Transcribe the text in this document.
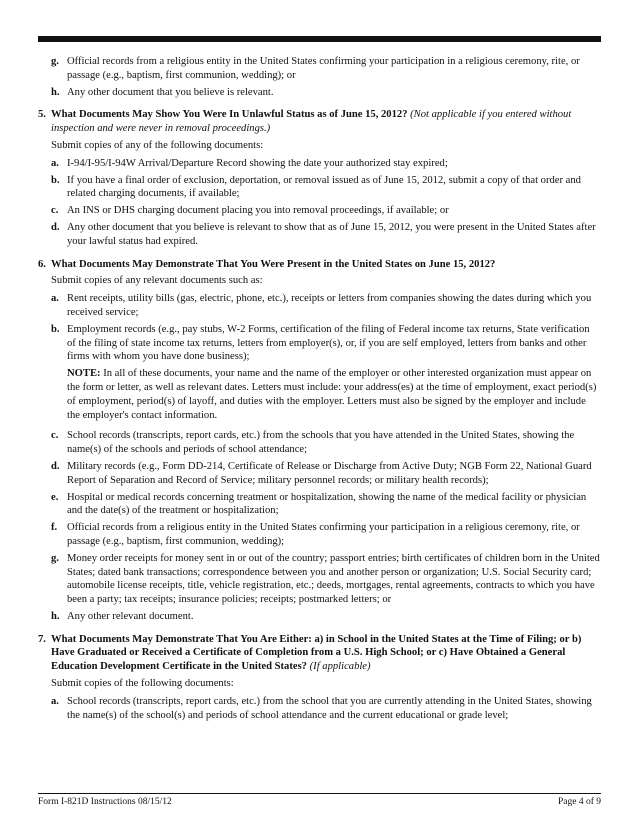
g. Official records from a religious entity in the United States confirming your participation in a religious ceremony, rite, or passage (e.g., baptism, first communion, wedding); or
h. Any other document that you believe is relevant.
5. What Documents May Show You Were In Unlawful Status as of June 15, 2012? (Not applicable if you entered without inspection and were never in removal proceedings.)
Submit copies of any of the following documents:
a. I-94/I-95/I-94W Arrival/Departure Record showing the date your authorized stay expired;
b. If you have a final order of exclusion, deportation, or removal issued as of June 15, 2012, submit a copy of that order and related charging documents, if available;
c. An INS or DHS charging document placing you into removal proceedings, if available; or
d. Any other document that you believe is relevant to show that as of June 15, 2012, you were present in the United States after your lawful status had expired.
6. What Documents May Demonstrate That You Were Present in the United States on June 15, 2012?
Submit copies of any relevant documents such as:
a. Rent receipts, utility bills (gas, electric, phone, etc.), receipts or letters from companies showing the dates during which you received service;
b. Employment records (e.g., pay stubs, W-2 Forms, certification of the filing of Federal income tax returns, State verification of the filing of state income tax returns, letters from employer(s), or, if you are self employed, letters from banks and other firms with whom you have done business);
NOTE: In all of these documents, your name and the name of the employer or other interested organization must appear on the form or letter, as well as relevant dates. Letters must include: your address(es) at the time of employment, exact period(s) of employment, period(s) of layoff, and duties with the employer. Letters must also be signed by the employer and include the employer's contact information.
c. School records (transcripts, report cards, etc.) from the schools that you have attended in the United States, showing the name(s) of the schools and periods of school attendance;
d. Military records (e.g., Form DD-214, Certificate of Release or Discharge from Active Duty; NGB Form 22, National Guard Report of Separation and Record of Service; military personnel records; or military health records);
e. Hospital or medical records concerning treatment or hospitalization, showing the name of the medical facility or physician and the date(s) of the treatment or hospitalization;
f. Official records from a religious entity in the United States confirming your participation in a religious ceremony, rite, or passage (e.g., baptism, first communion, wedding);
g. Money order receipts for money sent in or out of the country; passport entries; birth certificates of children born in the United States; dated bank transactions; correspondence between you and another person or organization; U.S. Social Security card; automobile license receipts, title, vehicle registration, etc.; deeds, mortgages, rental agreements, contracts to which you have been a party; tax receipts; insurance policies; receipts; postmarked letters; or
h. Any other relevant document.
7. What Documents May Demonstrate That You Are Either: a) in School in the United States at the Time of Filing; or b) Have Graduated or Received a Certificate of Completion from a U.S. High School; or c) Have Obtained a General Education Development Certificate in the United States? (If applicable)
Submit copies of the following documents:
a. School records (transcripts, report cards, etc.) from the school that you are currently attending in the United States, showing the name(s) of the school(s) and periods of school attendance and the current educational or grade level;
Form I-821D Instructions 08/15/12	Page 4 of 9
